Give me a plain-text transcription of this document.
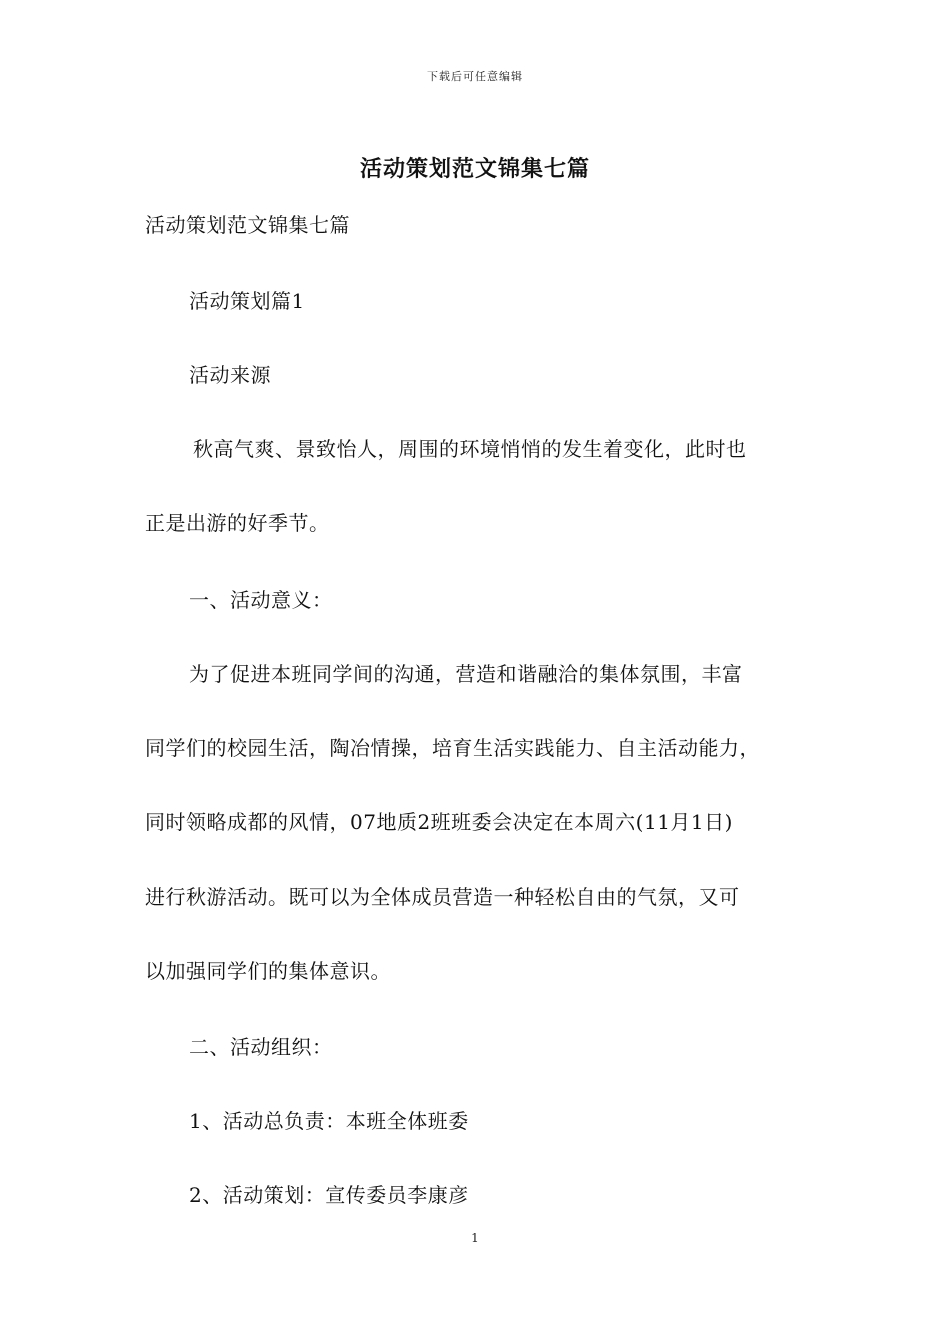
下载后可任意编辑
活动策划范文锦集七篇
活动策划范文锦集七篇
活动策划篇1
活动来源
秋高气爽、景致怡人，周围的环境悄悄的发生着变化，此时也
正是出游的好季节。
一、活动意义：
为了促进本班同学间的沟通，营造和谐融洽的集体氛围，丰富
同学们的校园生活，陶冶情操，培育生活实践能力、自主活动能力，
同时领略成都的风情，07地质2班班委会决定在本周六(11月1日)
进行秋游活动。既可以为全体成员营造一种轻松自由的气氛，又可
以加强同学们的集体意识。
二、活动组织：
1、活动总负责：本班全体班委
2、活动策划：宣传委员李康彦
1
